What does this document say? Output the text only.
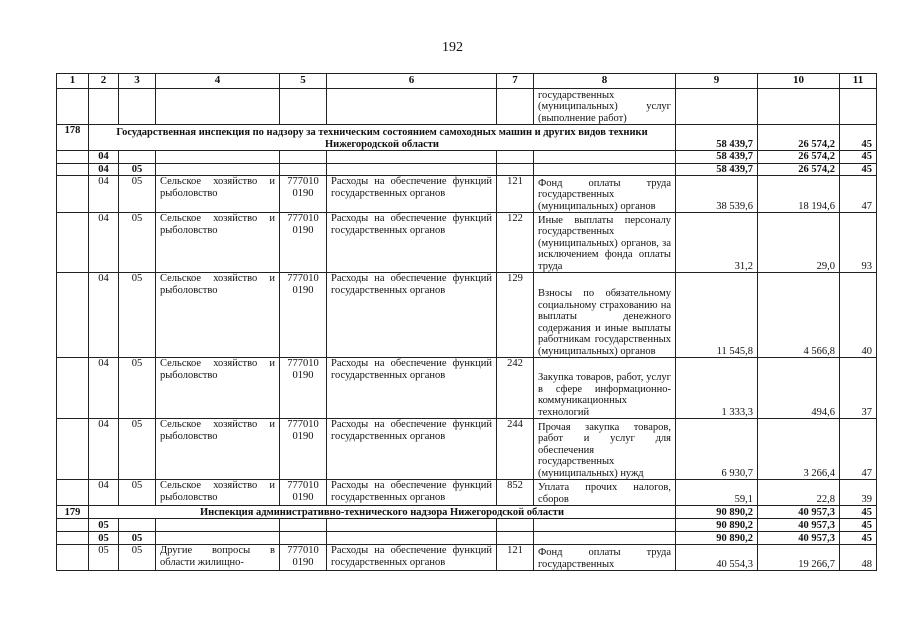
192
1	2	3	4	5	6	7	8	9	10	11
							государственных (муниципальных) услуг (выполнение работ)			
178	Государственная инспекция по надзору за техническим состоянием самоходных машин и других видов техники Нижегородской области							58 439,7	26 574,2	45
	04							58 439,7	26 574,2	45
	04	05						58 439,7	26 574,2	45
	04	05	Сельское хозяйство и рыболовство	777010 0190	Расходы на обеспечение функций государственных органов	121	Фонд оплаты труда государственных (муниципальных) органов	38 539,6	18 194,6	47
	04	05	Сельское хозяйство и рыболовство	777010 0190	Расходы на обеспечение функций государственных органов	122	Иные выплаты персоналу государственных (муниципальных) органов, за исключением фонда оплаты труда	31,2	29,0	93
	04	05	Сельское хозяйство и рыболовство	777010 0190	Расходы на обеспечение функций государственных органов	129	Взносы по обязательному социальному страхованию на выплаты денежного содержания и иные выплаты работникам государственных (муниципальных) органов	11 545,8	4 566,8	40
	04	05	Сельское хозяйство и рыболовство	777010 0190	Расходы на обеспечение функций государственных органов	242	Закупка товаров, работ, услуг в сфере информационно-коммуникационных технологий	1 333,3	494,6	37
	04	05	Сельское хозяйство и рыболовство	777010 0190	Расходы на обеспечение функций государственных органов	244	Прочая закупка товаров, работ и услуг для обеспечения государственных (муниципальных) нужд	6 930,7	3 266,4	47
	04	05	Сельское хозяйство и рыболовство	777010 0190	Расходы на обеспечение функций государственных органов	852	Уплата прочих налогов, сборов	59,1	22,8	39
179	Инспекция административно-технического надзора Нижегородской области							90 890,2	40 957,3	45
	05							90 890,2	40 957,3	45
	05	05						90 890,2	40 957,3	45
	05	05	Другие вопросы в области жилищно-	777010 0190	Расходы на обеспечение функций государственных органов	121	Фонд оплаты труда государственных	40 554,3	19 266,7	48
